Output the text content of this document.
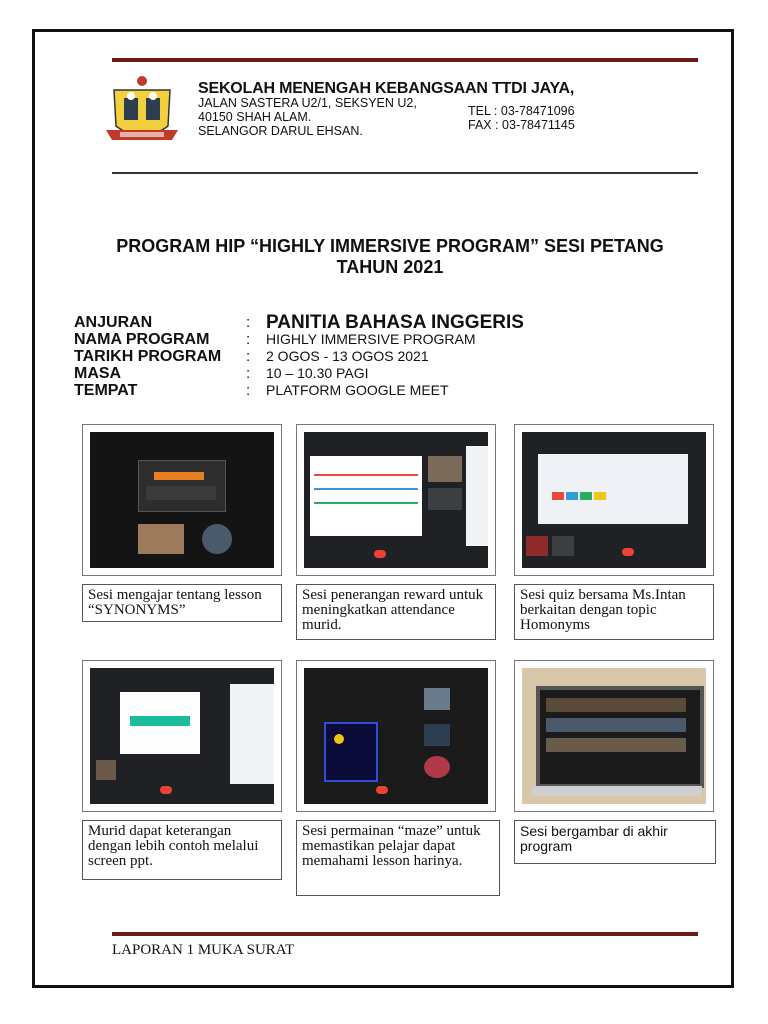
SEKOLAH MENENGAH KEBANGSAAN TTDI JAYA,
JALAN SASTERA U2/1, SEKSYEN U2,
40150 SHAH ALAM.
SELANGOR DARUL EHSAN.
TEL : 03-78471096
FAX : 03-78471145
PROGRAM HIP “HIGHLY IMMERSIVE PROGRAM” SESI PETANG
TAHUN 2021
ANJURAN	: PANITIA BAHASA INGGERIS
NAMA PROGRAM	:	HIGHLY IMMERSIVE PROGRAM
TARIKH PROGRAM	:	2 OGOS - 13 OGOS 2021
MASA	:	10 – 10.30 PAGI
TEMPAT	:	PLATFORM GOOGLE MEET
Sesi mengajar tentang lesson “SYNONYMS”
Sesi penerangan reward untuk meningkatkan attendance murid.
Sesi quiz bersama Ms.Intan berkaitan dengan topic Homonyms
Murid dapat keterangan dengan lebih contoh melalui screen ppt.
Sesi permainan “maze” untuk memastikan pelajar dapat memahami lesson harinya.
Sesi bergambar di akhir program
LAPORAN 1 MUKA SURAT
